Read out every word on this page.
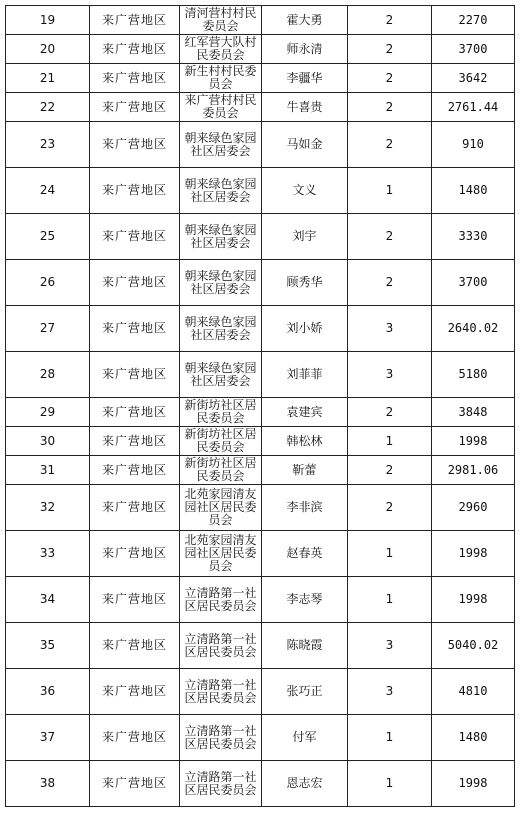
19	来广营地区	清河营村村民委员会	霍大勇	2	2270
20	来广营地区	红军营大队村民委员会	师永清	2	3700
21	来广营地区	新生村村民委员会	李疆华	2	3642
22	来广营地区	来广营村村民委员会	牛喜贵	2	2761.44
23	来广营地区	朝来绿色家园社区居委会	马如金	2	910
24	来广营地区	朝来绿色家园社区居委会	文义	1	1480
25	来广营地区	朝来绿色家园社区居委会	刘宇	2	3330
26	来广营地区	朝来绿色家园社区居委会	顾秀华	2	3700
27	来广营地区	朝来绿色家园社区居委会	刘小娇	3	2640.02
28	来广营地区	朝来绿色家园社区居委会	刘菲菲	3	5180
29	来广营地区	新街坊社区居民委员会	袁建宾	2	3848
30	来广营地区	新街坊社区居民委员会	韩松林	1	1998
31	来广营地区	新街坊社区居民委员会	靳蕾	2	2981.06
32	来广营地区	北苑家园清友园社区居民委员会	李非滨	2	2960
33	来广营地区	北苑家园清友园社区居民委员会	赵春英	1	1998
34	来广营地区	立清路第一社区居民委员会	李志琴	1	1998
35	来广营地区	立清路第一社区居民委员会	陈晓霞	3	5040.02
36	来广营地区	立清路第一社区居民委员会	张巧正	3	4810
37	来广营地区	立清路第一社区居民委员会	付军	1	1480
38	来广营地区	立清路第一社区居民委员会	恩志宏	1	1998
